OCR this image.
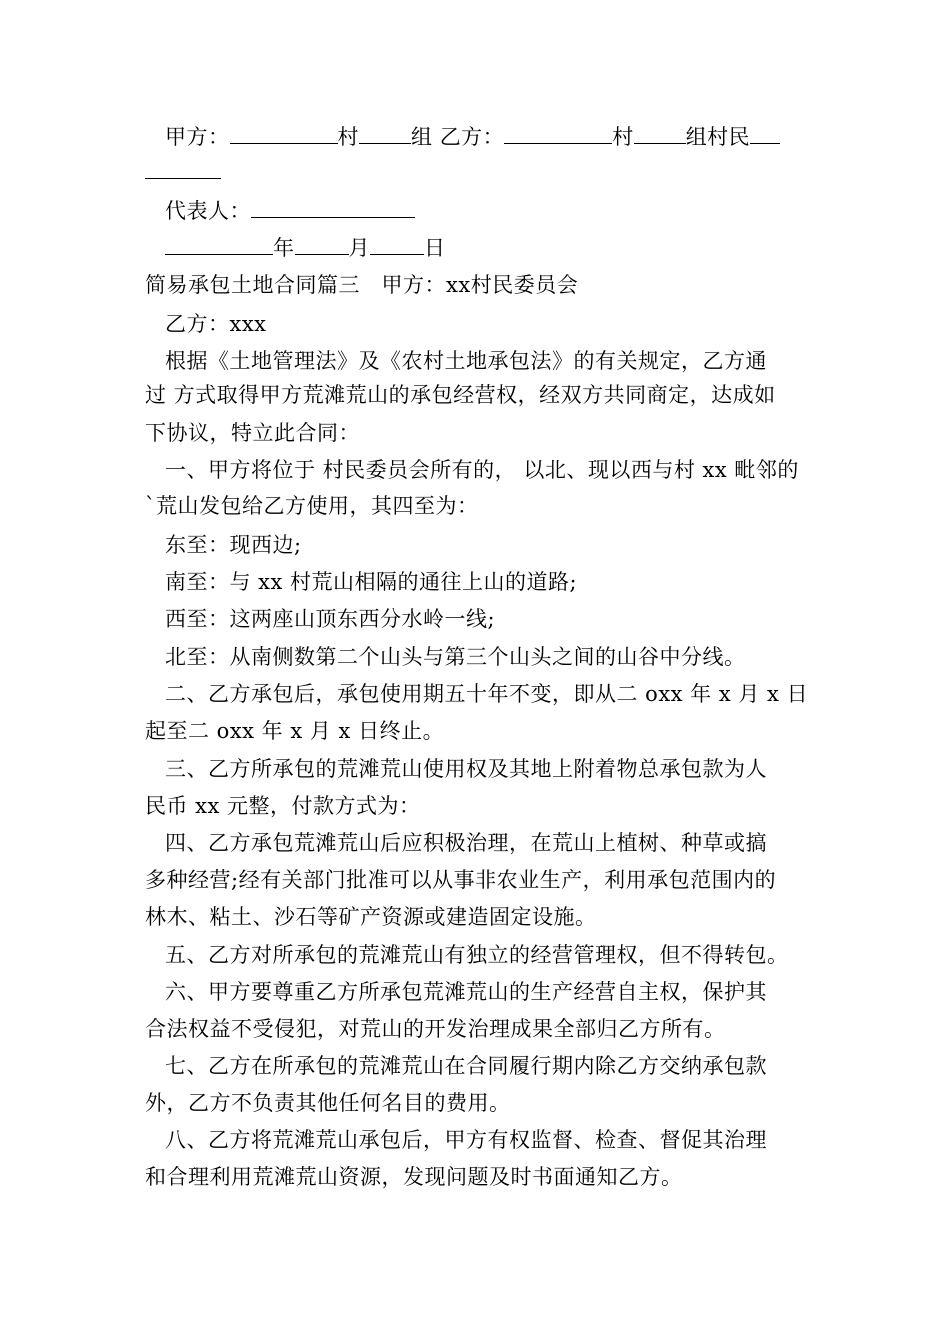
甲方：	村 组 乙方：	村 组村民
代表人：
年	月	日
简易承包土地合同篇三 甲方：xx村民委员会
乙方：xxx
根据《土地管理法》及《农村土地承包法》的有关规定，乙方通
过 方式取得甲方荒滩荒山的承包经营权，经双方共同商定，达成如
下协议，特立此合同：
一、甲方将位于 村民委员会所有的， 以北、现以西与村 xx 毗邻的
`荒山发包给乙方使用，其四至为：
东至：现西边;
南至：与 xx 村荒山相隔的通往上山的道路;
西至：这两座山顶东西分水岭一线;
北至：从南侧数第二个山头与第三个山头之间的山谷中分线。
二、乙方承包后，承包使用期五十年不变，即从二 oxx 年 x 月 x 日
起至二 oxx 年 x 月 x 日终止。
三、乙方所承包的荒滩荒山使用权及其地上附着物总承包款为人
民币 xx 元整，付款方式为：
四、乙方承包荒滩荒山后应积极治理，在荒山上植树、种草或搞
多种经营;经有关部门批准可以从事非农业生产，利用承包范围内的
林木、粘土、沙石等矿产资源或建造固定设施。
五、乙方对所承包的荒滩荒山有独立的经营管理权，但不得转包。
六、甲方要尊重乙方所承包荒滩荒山的生产经营自主权，保护其
合法权益不受侵犯，对荒山的开发治理成果全部归乙方所有。
七、乙方在所承包的荒滩荒山在合同履行期内除乙方交纳承包款
外，乙方不负责其他任何名目的费用。
八、乙方将荒滩荒山承包后，甲方有权监督、检查、督促其治理
和合理利用荒滩荒山资源，发现问题及时书面通知乙方。
